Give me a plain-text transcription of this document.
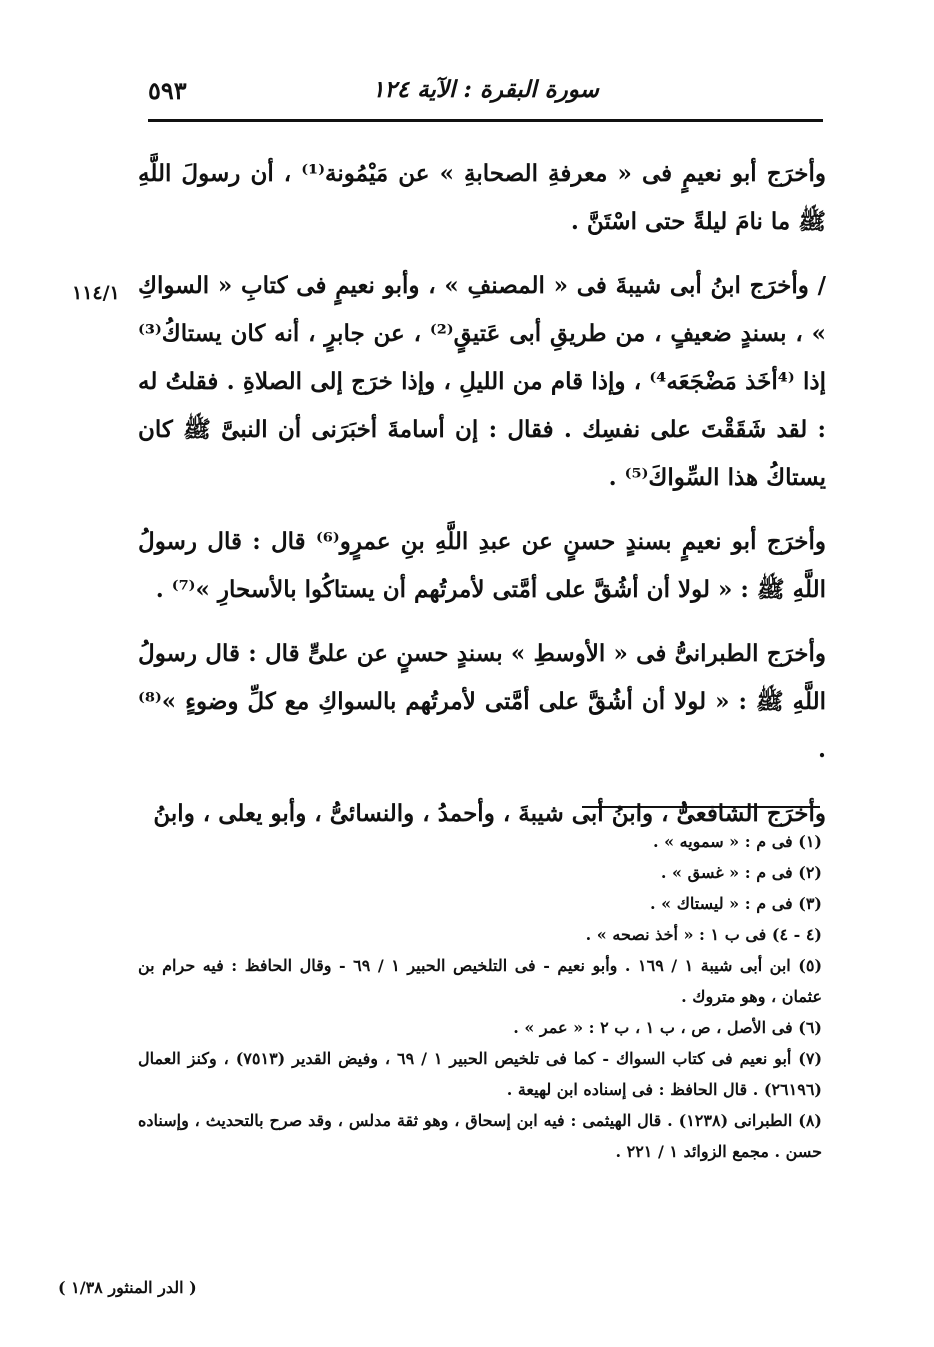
٥٩٣	سورة البقرة : الآية ١٢٤
١١٤/١

وأخرَج أبو نعيمٍ فى « معرفةِ الصحابةِ » عن مَيْمُونة⁽¹⁾ ، أن رسولَ اللَّهِ ﷺ ما نامَ ليلةً حتى اسْتَنَّ .

/ وأخرَج ابنُ أبى شيبةَ فى « المصنفِ » ، وأبو نعيمٍ فى كتابِ « السواكِ » ، بسندٍ ضعيفٍ ، من طريقِ أبى عَتيقٍ⁽²⁾ ، عن جابرٍ ، أنه كان يستاكُ⁽³⁾ إذا ⁽⁴أخَذ مَضْجَعَه⁴⁾ ، وإذا قام من الليلِ ، وإذا خرَج إلى الصلاةِ . فقلتُ له : لقد شَقَقْتَ على نفسِك . فقال : إن أسامةَ أخبَرَنى أن النبىَّ ﷺ كان يستاكُ هذا السِّواكَ⁽⁵⁾ .

وأخرَج أبو نعيمٍ بسندٍ حسنٍ عن عبدِ اللَّهِ بنِ عمرٍو⁽⁶⁾ قال : قال رسولُ اللَّهِ ﷺ : « لولا أن أشُقَّ على أمَّتى لأمرتُهم أن يستاكُوا بالأسحارِ »⁽⁷⁾ .

وأخرَج الطبرانىُّ فى « الأوسطِ » بسندٍ حسنٍ عن علىٍّ قال : قال رسولُ اللَّهِ ﷺ : « لولا أن أشُقَّ على أمَّتى لأمرتُهم بالسواكِ مع كلِّ وضوءٍ »⁽⁸⁾ .

وأخرَج الشافعىُّ ، وابنُ أبى شيبةَ ، وأحمدُ ، والنسائىُّ ، وأبو يعلى ، وابنُ

(١) فى م : « سمويه » .

(٢) فى م : « غسق » .

(٣) فى م : « ليستاك » .

(٤ - ٤) فى ب ١ : « أخذ نصحه » .

(٥) ابن أبى شيبة ١ / ١٦٩ . وأبو نعيم - فى التلخيص الحبير ١ / ٦٩ - وقال الحافظ : فيه حرام بن عثمان ، وهو متروك .

(٦) فى الأصل ، ص ، ب ١ ، ب ٢ : « عمر » .

(٧) أبو نعيم فى كتاب السواك - كما فى تلخيص الحبير ١ / ٦٩ ، وفيض القدير (٧٥١٣) ، وكنز العمال (٢٦١٩٦) . قال الحافظ : فى إسناده ابن لهيعة .

(٨) الطبرانى (١٢٣٨) . قال الهيثمى : فيه ابن إسحاق ، وهو ثقة مدلس ، وقد صرح بالتحديث ، وإسناده حسن . مجمع الزوائد ١ / ٢٢١ .

( الدر المنثور ١/٣٨ )
